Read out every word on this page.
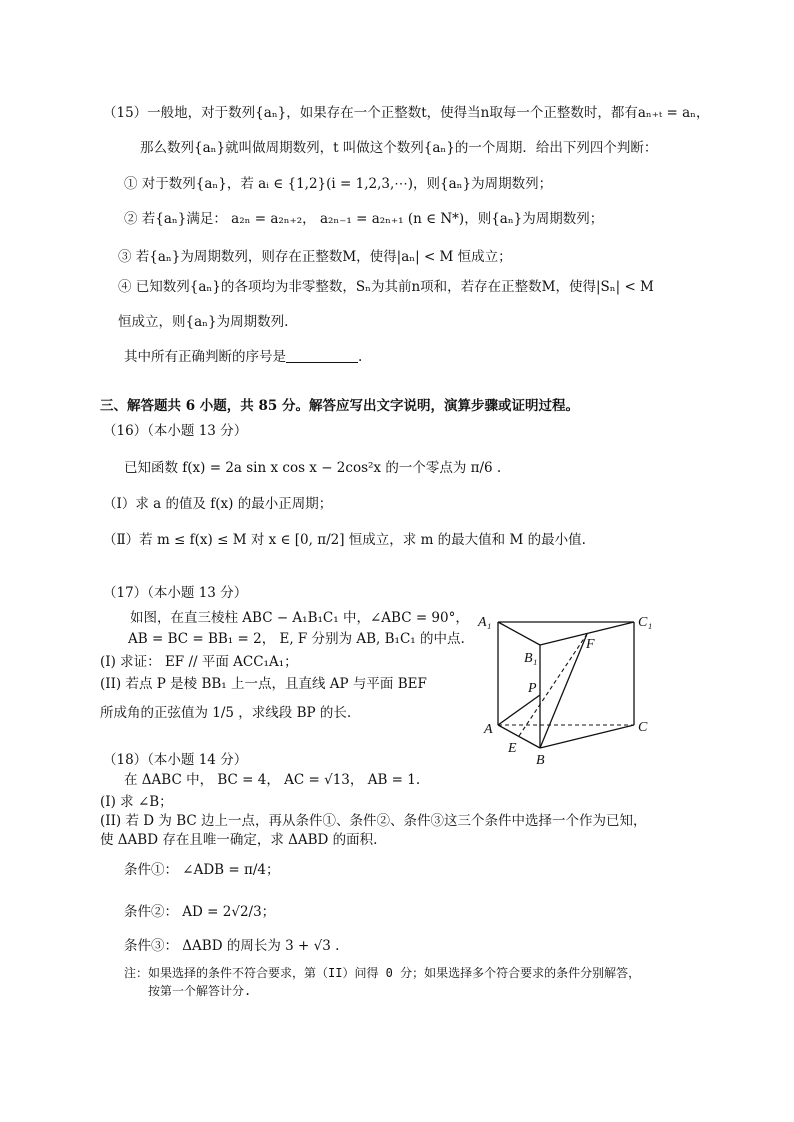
（15）一般地，对于数列{aₙ}，如果存在一个正整数t，使得当n取每一个正整数时，都有aₙ₊ₜ = aₙ，
那么数列{aₙ}就叫做周期数列，t 叫做这个数列{aₙ}的一个周期．给出下列四个判断：
① 对于数列{aₙ}，若 aᵢ ∈ {1,2}(i = 1,2,3,⋯)，则{aₙ}为周期数列；
② 若{aₙ}满足： a₂ₙ = a₂ₙ₊₂， a₂ₙ₋₁ = a₂ₙ₊₁ (n ∈ N*)，则{aₙ}为周期数列；
③ 若{aₙ}为周期数列，则存在正整数M，使得|aₙ| < M 恒成立；
④ 已知数列{aₙ}的各项均为非零整数，Sₙ为其前n项和，若存在正整数M，使得|Sₙ| < M
恒成立，则{aₙ}为周期数列.
其中所有正确判断的序号是	.
三、解答题共 6 小题，共 85 分。解答应写出文字说明，演算步骤或证明过程。
（16）（本小题 13 分）
已知函数 f(x) = 2a sin x cos x − 2cos²x 的一个零点为 π/6 .
（Ⅰ）求 a 的值及 f(x) 的最小正周期；
（Ⅱ）若 m ≤ f(x) ≤ M 对 x ∈ [0, π/2] 恒成立，求 m 的最大值和 M 的最小值.
（17）（本小题 13 分）
如图，在直三棱柱 ABC − A₁B₁C₁ 中，∠ABC = 90°，
AB = BC = BB₁ = 2， E, F 分别为 AB, B₁C₁ 的中点.
(I) 求证： EF // 平面 ACC₁A₁；
(II) 若点 P 是棱 BB₁ 上一点，且直线 AP 与平面 BEF
所成角的正弦值为 1/5 ，求线段 BP 的长.
A₁	C₁
B₁
F
P
A	C
E
B
（18）（本小题 14 分）
在 ΔABC 中， BC = 4， AC = √13， AB = 1.
(I) 求 ∠B；
(II) 若 D 为 BC 边上一点，再从条件①、条件②、条件③这三个条件中选择一个作为已知，
使 ΔABD 存在且唯一确定，求 ΔABD 的面积.
条件①： ∠ADB = π/4；
条件②： AD = 2√2/3；
条件③： ΔABD 的周长为 3 + √3 .
注：如果选择的条件不符合要求，第（II）问得 0 分；如果选择多个符合要求的条件分别解答，
按第一个解答计分.
